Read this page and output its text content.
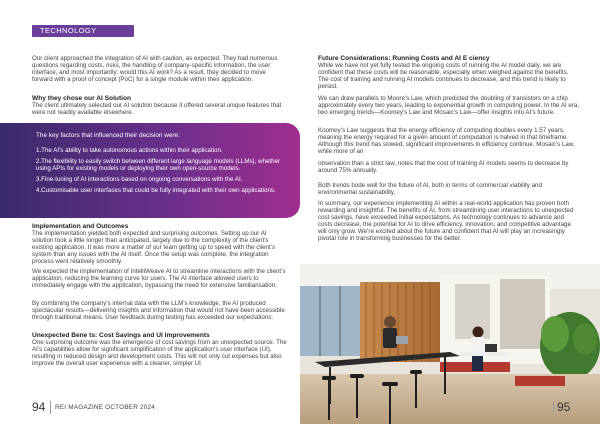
TECHNOLOGY

Our client approached the integration of AI with caution, as expected. They had numerous questions regarding costs, risks, the handling of company-specific information, the user interface, and most importantly: would this AI work? As a result, they decided to move forward with a proof of concept (PoC) for a single module within their application.

Why they chose our AI Solution

The client ultimately selected our AI solution because it offered several unique features that were not readily available elsewhere.

The key factors that influenced their decision were:

1.The AI’s ability to take autonomous actions within their application.
2.The flexibility to easily switch between different large language models (LLMs), whether using APIs for existing models or deploying their own open-source models.
3.Fine-tuning of AI interactions based on ongoing conversations with the AI.
4.Customisable user interfaces that could be fully integrated with their own applications.

Implementation and Outcomes

The implementation yielded both expected and surprising outcomes. Setting up our AI solution took a little longer than anticipated, largely due to the complexity of the client’s existing application. It was more a matter of our team getting up to speed with the client’s system than any issues with the AI itself. Once the setup was complete, the integration process went relatively smoothly.

We expected the implementation of IntelliWeave AI to streamline interactions with the client’s application, reducing the learning curve for users. The AI interface allowed users to immediately engage with the application, bypassing the need for extensive familiarisation.

By combining the company’s internal data with the LLM’s knowledge, the AI produced spectacular results—delivering insights and information that would not have been accessible through traditional means. User feedback during testing has exceeded our expectations.

Unexpected Bene ts: Cost Savings and UI Improvements

One surprising outcome was the emergence of cost savings from an unexpected source. The AI’s capabilities allow for significant simplification of the application’s user interface (UI), resulting in reduced design and development costs. This will not only cut expenses but also improve the overall user experience with a cleaner, simpler UI.

94 REI MAGAZINE OCTOBER 2024

Future Considerations: Running Costs and AI E ciency

While we have not yet fully tested the ongoing costs of running the AI model daily, we are confident that these costs will be reasonable, especially when weighed against the benefits. The cost of training and running AI models continues to decrease, and this trend is likely to persist.

We can draw parallels to Moore’s Law, which predicted the doubling of transistors on a chip approximately every two years, leading to exponential growth in computing power. In the AI era, two emerging trends—Koomey’s Law and Mosaic’s Law—offer insights into AI’s future.

Koomey’s Law suggests that the energy efficiency of computing doubles every 1.57 years, meaning the energy required for a given amount of computation is halved in that timeframe. Although this trend has slowed, significant improvements in efficiency continue. Mosaic’s Law, while more of an

observation than a strict law, notes that the cost of training AI models seems to decrease by around 75% annually.

Both trends bode well for the future of AI, both in terms of commercial viability and environmental sustainability.

In summary, our experience implementing AI within a real-world application has proven both rewarding and insightful. The benefits of AI, from streamlining user interactions to unexpected cost savings, have exceeded initial expectations. As technology continues to advance and costs decrease, the potential for AI to drive efficiency, innovation, and competitive advantage will only grow. We’re excited about the future and confident that AI will play an increasingly pivotal role in transforming businesses for the better.

95
